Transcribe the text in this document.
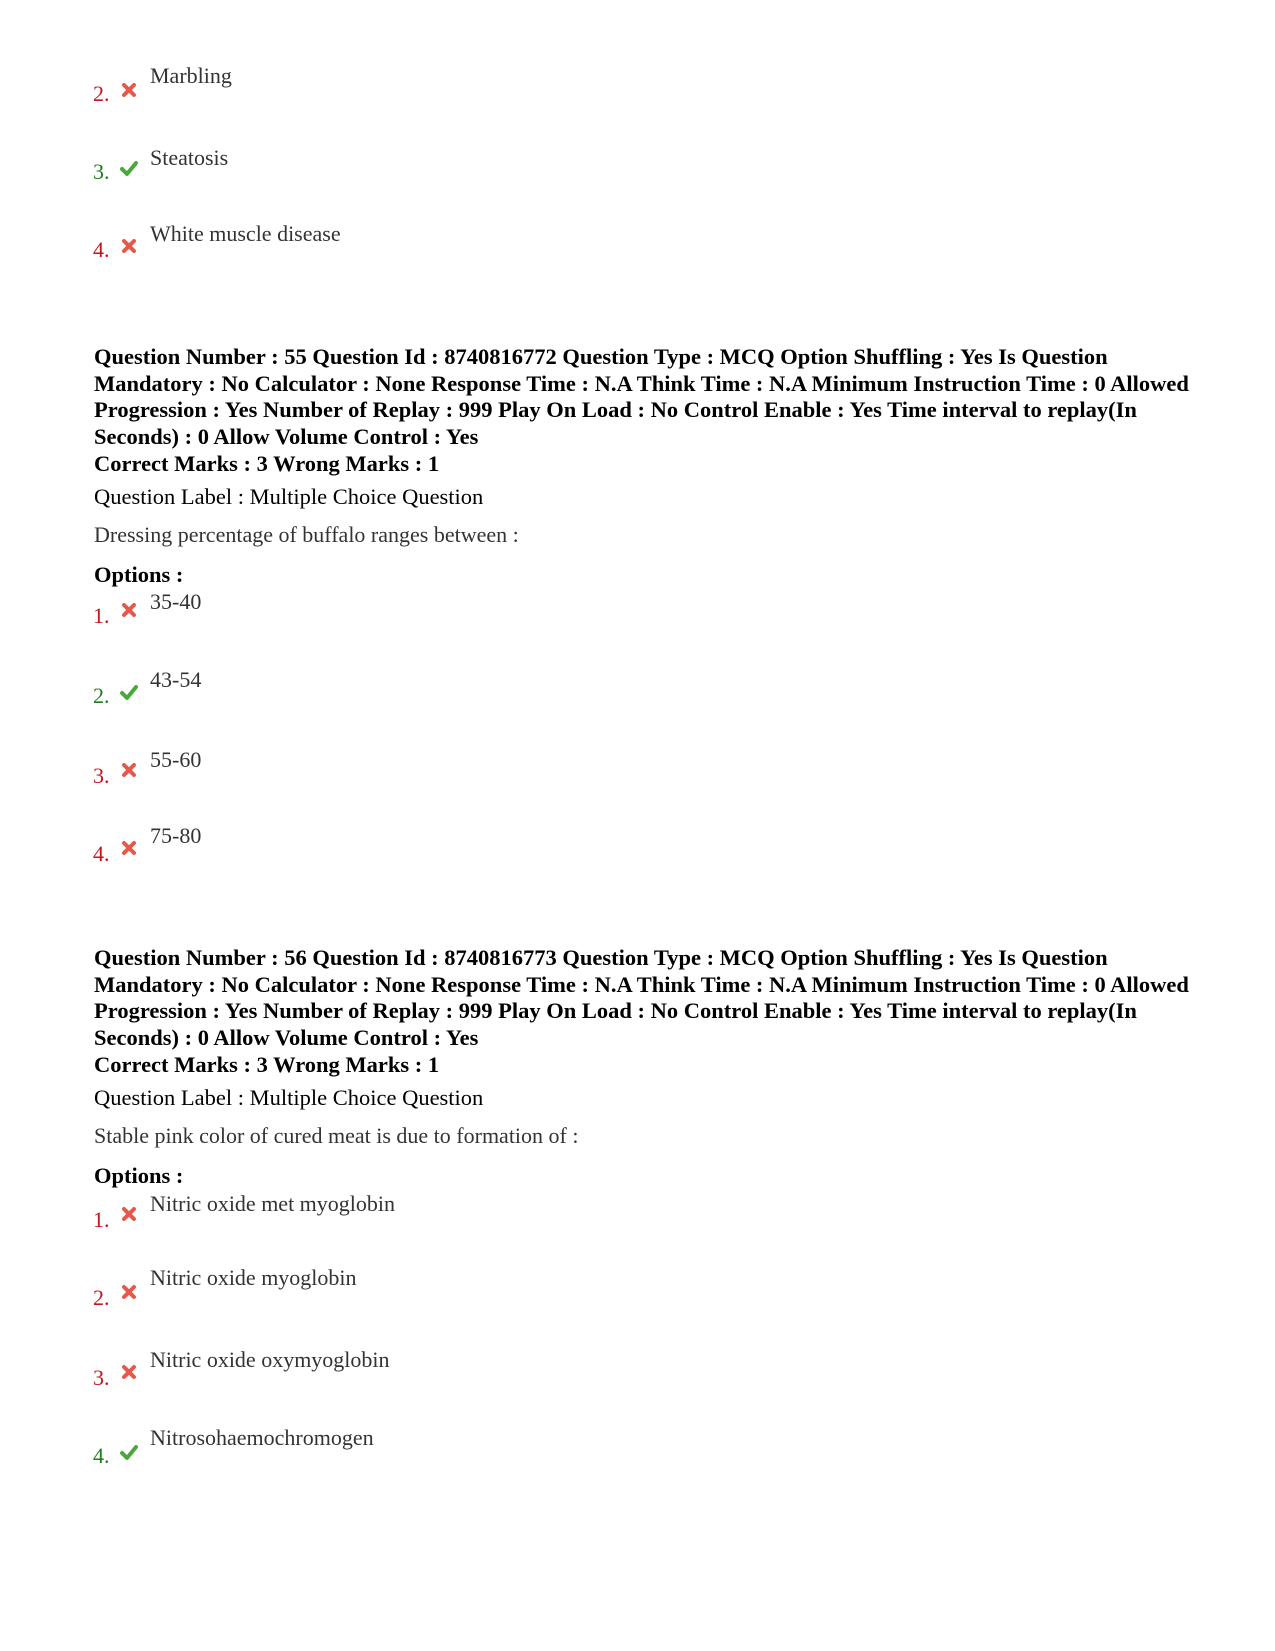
2.
Marbling
3.
Steatosis
4.
White muscle disease
Question Number : 55 Question Id : 8740816772 Question Type : MCQ Option Shuffling : Yes Is Question Mandatory : No Calculator : None Response Time : N.A Think Time : N.A Minimum Instruction Time : 0 Allowed Progression : Yes Number of Replay : 999 Play On Load : No Control Enable : Yes Time interval to replay(In Seconds) : 0 Allow Volume Control : Yes
Correct Marks : 3 Wrong Marks : 1
Question Label : Multiple Choice Question
Dressing percentage of buffalo ranges between :
Options :
1.
35-40
2.
43-54
3.
55-60
4.
75-80
Question Number : 56 Question Id : 8740816773 Question Type : MCQ Option Shuffling : Yes Is Question Mandatory : No Calculator : None Response Time : N.A Think Time : N.A Minimum Instruction Time : 0 Allowed Progression : Yes Number of Replay : 999 Play On Load : No Control Enable : Yes Time interval to replay(In Seconds) : 0 Allow Volume Control : Yes
Correct Marks : 3 Wrong Marks : 1
Question Label : Multiple Choice Question
Stable pink color of cured meat is due to formation of :
Options :
1.
Nitric oxide met myoglobin
2.
Nitric oxide myoglobin
3.
Nitric oxide oxymyoglobin
4.
Nitrosohaemochromogen
